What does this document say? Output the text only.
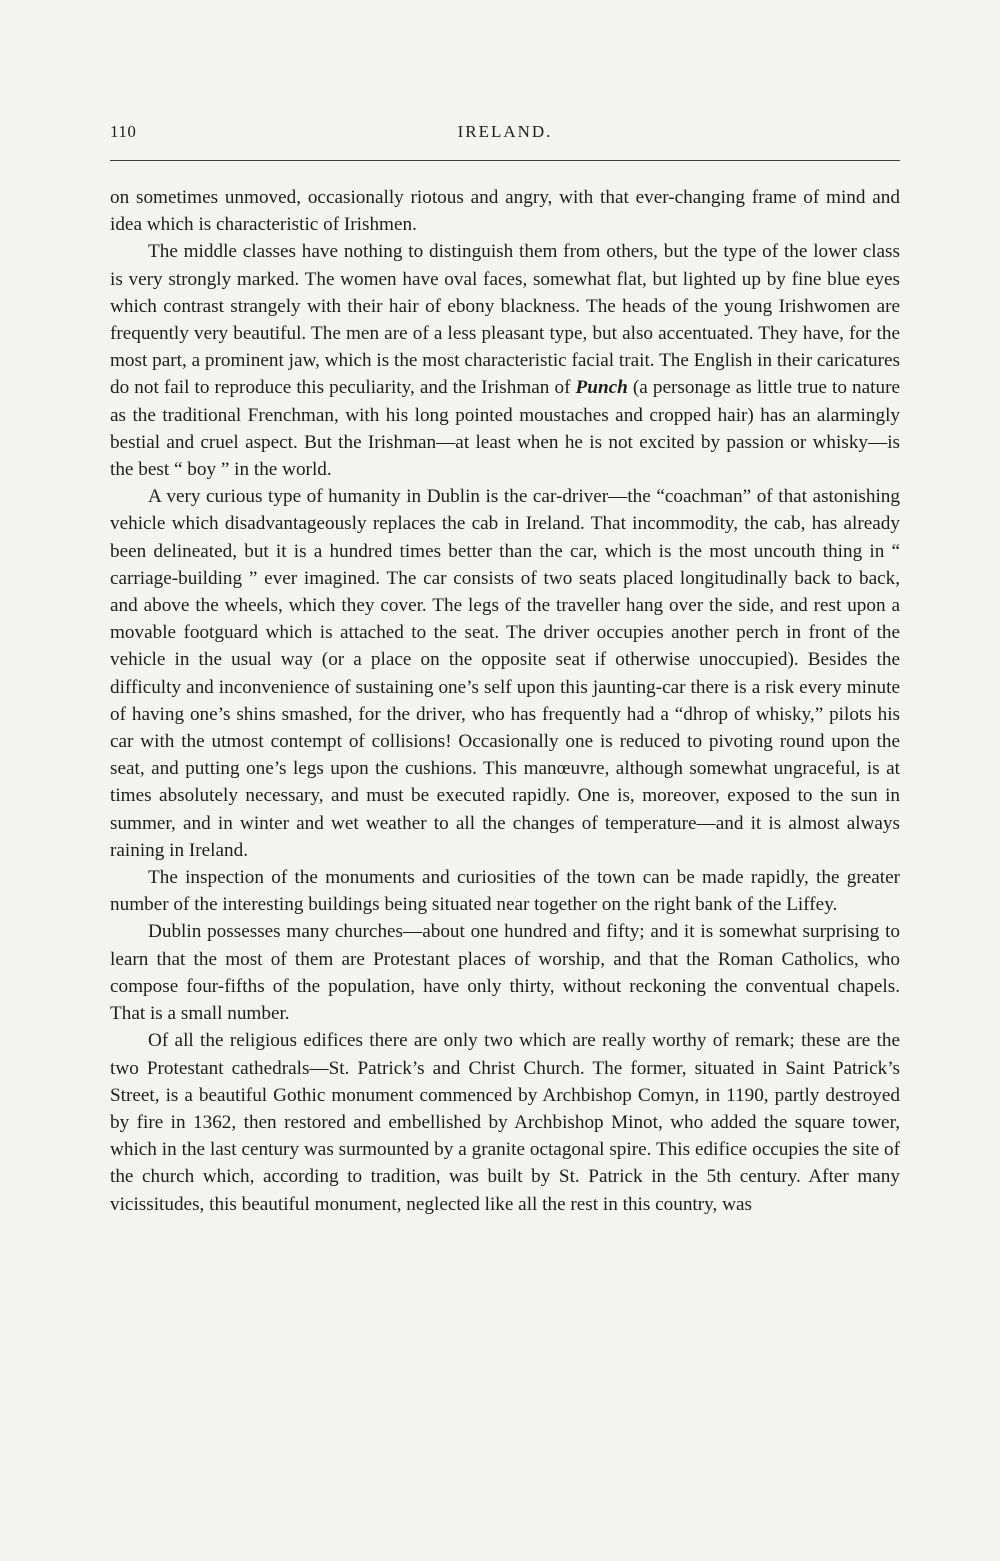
110	IRELAND.

on sometimes unmoved, occasionally riotous and angry, with that ever-changing frame of mind and idea which is characteristic of Irishmen.

The middle classes have nothing to distinguish them from others, but the type of the lower class is very strongly marked. The women have oval faces, somewhat flat, but lighted up by fine blue eyes which contrast strangely with their hair of ebony blackness. The heads of the young Irishwomen are frequently very beautiful. The men are of a less pleasant type, but also accentuated. They have, for the most part, a prominent jaw, which is the most characteristic facial trait. The English in their caricatures do not fail to reproduce this peculiarity, and the Irishman of Punch (a personage as little true to nature as the traditional Frenchman, with his long pointed moustaches and cropped hair) has an alarmingly bestial and cruel aspect. But the Irishman—at least when he is not excited by passion or whisky—is the best “ boy ” in the world.

A very curious type of humanity in Dublin is the car-driver—the “coachman” of that astonishing vehicle which disadvantageously replaces the cab in Ireland. That incommodity, the cab, has already been delineated, but it is a hundred times better than the car, which is the most uncouth thing in “ carriage-building ” ever imagined. The car consists of two seats placed longitudinally back to back, and above the wheels, which they cover. The legs of the traveller hang over the side, and rest upon a movable footguard which is attached to the seat. The driver occupies another perch in front of the vehicle in the usual way (or a place on the opposite seat if otherwise unoccupied). Besides the difficulty and inconvenience of sustaining one’s self upon this jaunting-car there is a risk every minute of having one’s shins smashed, for the driver, who has frequently had a “dhrop of whisky,” pilots his car with the utmost contempt of collisions! Occasionally one is reduced to pivoting round upon the seat, and putting one’s legs upon the cushions. This manœuvre, although somewhat ungraceful, is at times absolutely necessary, and must be executed rapidly. One is, moreover, exposed to the sun in summer, and in winter and wet weather to all the changes of temperature—and it is almost always raining in Ireland.

The inspection of the monuments and curiosities of the town can be made rapidly, the greater number of the interesting buildings being situated near together on the right bank of the Liffey.

Dublin possesses many churches—about one hundred and fifty; and it is somewhat surprising to learn that the most of them are Protestant places of worship, and that the Roman Catholics, who compose four-fifths of the population, have only thirty, without reckoning the conventual chapels. That is a small number.

Of all the religious edifices there are only two which are really worthy of remark; these are the two Protestant cathedrals—St. Patrick’s and Christ Church. The former, situated in Saint Patrick’s Street, is a beautiful Gothic monument commenced by Archbishop Comyn, in 1190, partly destroyed by fire in 1362, then restored and embellished by Archbishop Minot, who added the square tower, which in the last century was surmounted by a granite octagonal spire. This edifice occupies the site of the church which, according to tradition, was built by St. Patrick in the 5th century. After many vicissitudes, this beautiful monument, neglected like all the rest in this country, was
